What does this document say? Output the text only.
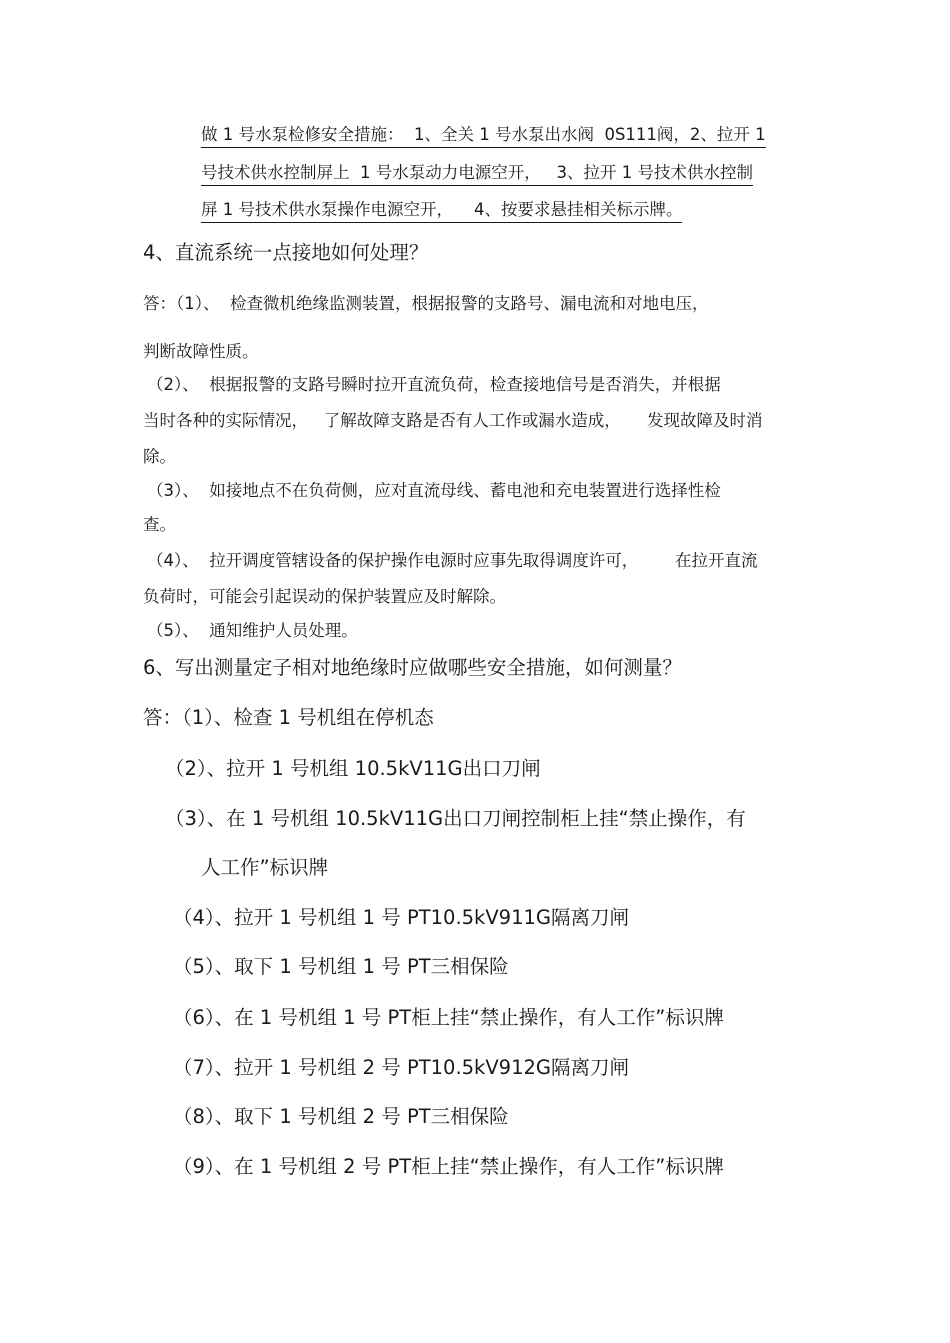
做 1 号水泵检修安全措施：  1、全关 1 号水泵出水阀  0S111阀，2、拉开 1
号技术供水控制屏上  1 号水泵动力电源空开，   3、拉开 1 号技术供水控制
屏 1 号技术供水泵操作电源空开，    4、按要求悬挂相关标示牌。
4、直流系统一点接地如何处理？
答：（1）、  检查微机绝缘监测装置，根据报警的支路号、漏电流和对地电压，
判断故障性质。
（2）、  根据报警的支路号瞬时拉开直流负荷，检查接地信号是否消失，并根据
当时各种的实际情况，   了解故障支路是否有人工作或漏水造成，     发现故障及时消
除。
（3）、  如接地点不在负荷侧，应对直流母线、蓄电池和充电装置进行选择性检
查。
（4）、  拉开调度管辖设备的保护操作电源时应事先取得调度许可，       在拉开直流
负荷时，可能会引起误动的保护装置应及时解除。
（5）、  通知维护人员处理。
6、写出测量定子相对地绝缘时应做哪些安全措施，如何测量？
答：（1）、检查 1 号机组在停机态
（2）、拉开 1 号机组 10.5kV11G出口刀闸
（3）、在 1 号机组 10.5kV11G出口刀闸控制柜上挂“禁止操作，有
人工作”标识牌
（4）、拉开 1 号机组 1 号 PT10.5kV911G隔离刀闸
（5）、取下 1 号机组 1 号 PT三相保险
（6）、在 1 号机组 1 号 PT柜上挂“禁止操作，有人工作”标识牌
（7）、拉开 1 号机组 2 号 PT10.5kV912G隔离刀闸
（8）、取下 1 号机组 2 号 PT三相保险
（9）、在 1 号机组 2 号 PT柜上挂“禁止操作，有人工作”标识牌
